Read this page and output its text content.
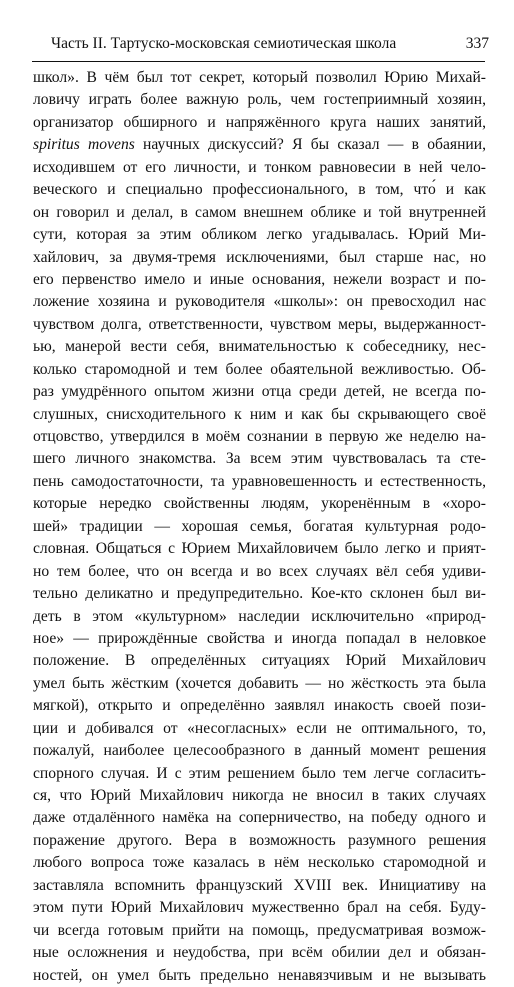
Часть II. Тартуско-московская семиотическая школа	337
школ». В чём был тот секрет, который позволил Юрию Михай-
ловичу играть более важную роль, чем гостеприимный хозяин,
организатор обширного и напряжённого круга наших занятий,
spiritus movens научных дискуссий? Я бы сказал — в обаянии,
исходившем от его личности, и тонком равновесии в ней чело-
веческого и специально профессионального, в том, что́ и как
он говорил и делал, в самом внешнем облике и той внутренней
сути, которая за этим обликом легко угадывалась. Юрий Ми-
хайлович, за двумя-тремя исключениями, был старше нас, но
его первенство имело и иные основания, нежели возраст и по-
ложение хозяина и руководителя «школы»: он превосходил нас
чувством долга, ответственности, чувством меры, выдержанност-
ью, манерой вести себя, внимательностью к собеседнику, нес-
колько старомодной и тем более обаятельной вежливостью. Об-
раз умудрённого опытом жизни отца среди детей, не всегда по-
слушных, снисходительного к ним и как бы скрывающего своё
отцовство, утвердился в моём сознании в первую же неделю на-
шего личного знакомства. За всем этим чувствовалась та сте-
пень самодостаточности, та уравновешенность и естественность,
которые нередко свойственны людям, укоренённым в «хоро-
шей» традиции — хорошая семья, богатая культурная родо-
словная. Общаться с Юрием Михайловичем было легко и прият-
но тем более, что он всегда и во всех случаях вёл себя удиви-
тельно деликатно и предупредительно. Кое-кто склонен был ви-
деть в этом «культурном» наследии исключительно «природ-
ное» — прирождённые свойства и иногда попадал в неловкое
положение. В определённых ситуациях Юрий Михайлович
умел быть жёстким (хочется добавить — но жёсткость эта была
мягкой), открыто и определённо заявлял инакость своей пози-
ции и добивался от «несогласных» если не оптимального, то,
пожалуй, наиболее целесообразного в данный момент решения
спорного случая. И с этим решением было тем легче согласить-
ся, что Юрий Михайлович никогда не вносил в таких случаях
даже отдалённого намёка на соперничество, на победу одного и
поражение другого. Вера в возможность разумного решения
любого вопроса тоже казалась в нём несколько старомодной и
заставляла вспомнить французский XVIII век. Инициативу на
этом пути Юрий Михайлович мужественно брал на себя. Буду-
чи всегда готовым прийти на помощь, предусматривая возмож-
ные осложнения и неудобства, при всём обилии дел и обязан-
ностей, он умел быть предельно ненавязчивым и не вызывать
